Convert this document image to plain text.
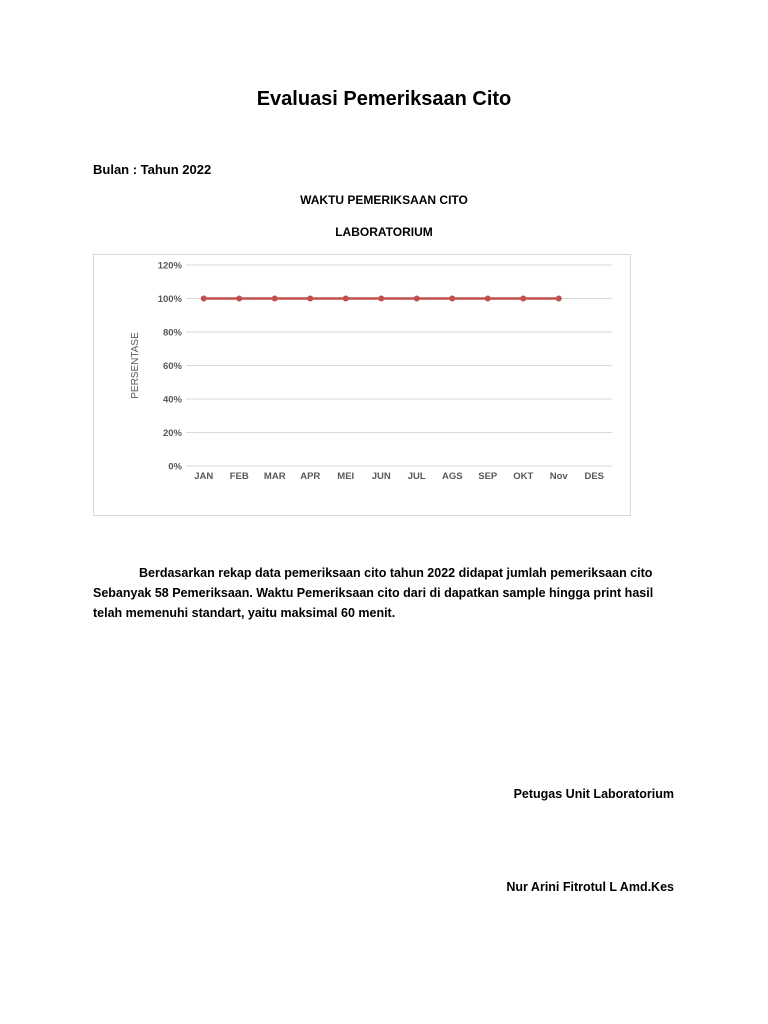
Evaluasi Pemeriksaan Cito
Bulan : Tahun 2022
WAKTU PEMERIKSAAN CITO
LABORATORIUM
0%
20%
40%
60%
80%
100%
120%
JAN FEB MAR APR MEI JUN JUL AGS SEP OKT Nov DES
PERSENTASE
Berdasarkan rekap data pemeriksaan cito tahun 2022 didapat jumlah pemeriksaan cito Sebanyak 58 Pemeriksaan. Waktu Pemeriksaan cito dari di dapatkan sample hingga print hasil telah memenuhi standart, yaitu maksimal 60 menit.
Petugas Unit Laboratorium
Nur Arini Fitrotul L Amd.Kes
